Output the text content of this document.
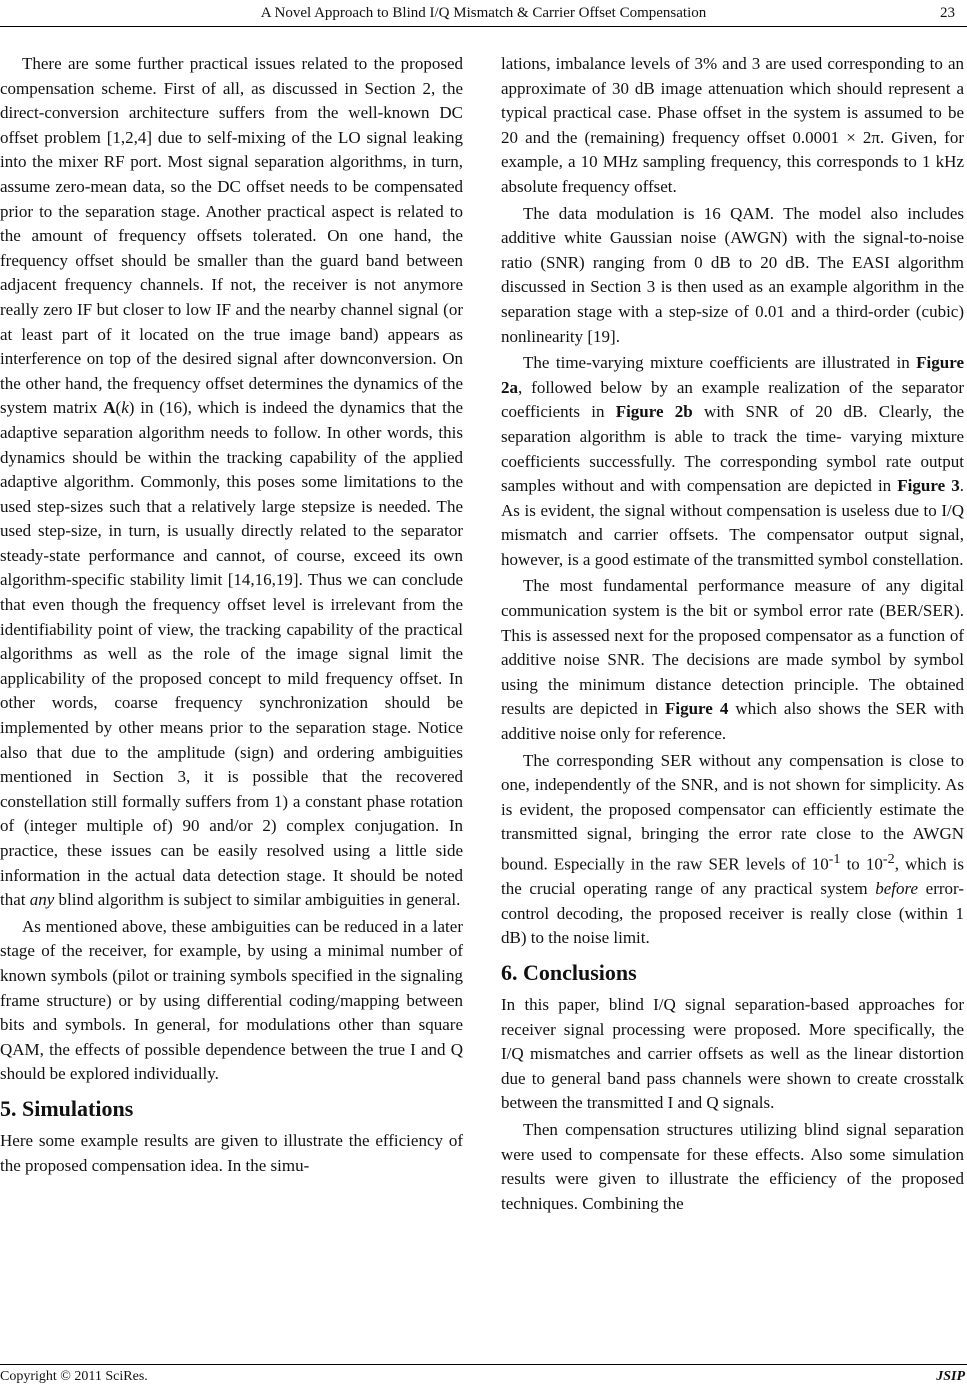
A Novel Approach to Blind I/Q Mismatch & Carrier Offset Compensation	23

There are some further practical issues related to the proposed compensation scheme. First of all, as discussed in Section 2, the direct-conversion architecture suffers from the well-known DC offset problem [1,2,4] due to self-mixing of the LO signal leaking into the mixer RF port. Most signal separation algorithms, in turn, assume zero-mean data, so the DC offset needs to be compensated prior to the separation stage. Another practical aspect is related to the amount of frequency offsets tolerated. On one hand, the frequency offset should be smaller than the guard band between adjacent frequency channels. If not, the receiver is not anymore really zero IF but closer to low IF and the nearby channel signal (or at least part of it located on the true image band) appears as interference on top of the desired signal after downconversion. On the other hand, the frequency offset determines the dynamics of the system matrix A(k) in (16), which is indeed the dynamics that the adaptive separation algorithm needs to follow. In other words, this dynamics should be within the tracking capability of the applied adaptive algorithm. Commonly, this poses some limitations to the used step-sizes such that a relatively large stepsize is needed. The used step-size, in turn, is usually directly related to the separator steady-state performance and cannot, of course, exceed its own algorithm-specific stability limit [14,16,19]. Thus we can conclude that even though the frequency offset level is irrelevant from the identifiability point of view, the tracking capability of the practical algorithms as well as the role of the image signal limit the applicability of the proposed concept to mild frequency offset. In other words, coarse frequency synchronization should be implemented by other means prior to the separation stage. Notice also that due to the amplitude (sign) and ordering ambiguities mentioned in Section 3, it is possible that the recovered constellation still formally suffers from 1) a constant phase rotation of (integer multiple of) 90 and/or 2) complex conjugation. In practice, these issues can be easily resolved using a little side information in the actual data detection stage. It should be noted that any blind algorithm is subject to similar ambiguities in general.

As mentioned above, these ambiguities can be reduced in a later stage of the receiver, for example, by using a minimal number of known symbols (pilot or training symbols specified in the signaling frame structure) or by using differential coding/mapping between bits and symbols. In general, for modulations other than square QAM, the effects of possible dependence between the true I and Q should be explored individually.

5. Simulations

Here some example results are given to illustrate the efficiency of the proposed compensation idea. In the simu-

lations, imbalance levels of 3% and 3 are used corresponding to an approximate of 30 dB image attenuation which should represent a typical practical case. Phase offset in the system is assumed to be 20 and the (remaining) frequency offset 0.0001 × 2π. Given, for example, a 10 MHz sampling frequency, this corresponds to 1 kHz absolute frequency offset.

The data modulation is 16 QAM. The model also includes additive white Gaussian noise (AWGN) with the signal-to-noise ratio (SNR) ranging from 0 dB to 20 dB. The EASI algorithm discussed in Section 3 is then used as an example algorithm in the separation stage with a step-size of 0.01 and a third-order (cubic) nonlinearity [19].

The time-varying mixture coefficients are illustrated in Figure 2a, followed below by an example realization of the separator coefficients in Figure 2b with SNR of 20 dB. Clearly, the separation algorithm is able to track the time- varying mixture coefficients successfully. The corresponding symbol rate output samples without and with compensation are depicted in Figure 3. As is evident, the signal without compensation is useless due to I/Q mismatch and carrier offsets. The compensator output signal, however, is a good estimate of the transmitted symbol constellation.

The most fundamental performance measure of any digital communication system is the bit or symbol error rate (BER/SER). This is assessed next for the proposed compensator as a function of additive noise SNR. The decisions are made symbol by symbol using the minimum distance detection principle. The obtained results are depicted in Figure 4 which also shows the SER with additive noise only for reference.

The corresponding SER without any compensation is close to one, independently of the SNR, and is not shown for simplicity. As is evident, the proposed compensator can efficiently estimate the transmitted signal, bringing the error rate close to the AWGN bound. Especially in the raw SER levels of $10^{-1}$ to $10^{-2}$, which is the crucial operating range of any practical system before error-control decoding, the proposed receiver is really close (within 1 dB) to the noise limit.

6. Conclusions

In this paper, blind I/Q signal separation-based approaches for receiver signal processing were proposed. More specifically, the I/Q mismatches and carrier offsets as well as the linear distortion due to general band pass channels were shown to create crosstalk between the transmitted I and Q signals.

Then compensation structures utilizing blind signal separation were used to compensate for these effects. Also some simulation results were given to illustrate the efficiency of the proposed techniques. Combining the

Copyright © 2011 SciRes.	JSIP
